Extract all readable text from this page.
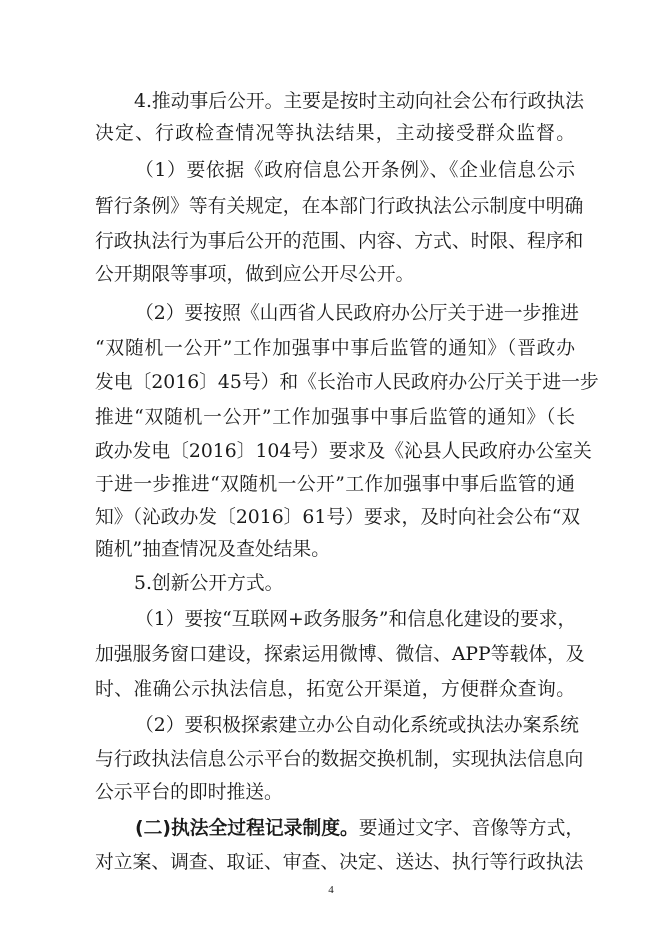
4.推动事后公开。主要是按时主动向社会公布行政执法
决定、行政检查情况等执法结果，主动接受群众监督。
（1）要依据《政府信息公开条例》、《企业信息公示
暂行条例》等有关规定，在本部门行政执法公示制度中明确
行政执法行为事后公开的范围、内容、方式、时限、程序和
公开期限等事项，做到应公开尽公开。
（2）要按照《山西省人民政府办公厅关于进一步推进
“双随机一公开”工作加强事中事后监管的通知》（晋政办
发电〔2016〕45号）和《长治市人民政府办公厅关于进一步
推进“双随机一公开”工作加强事中事后监管的通知》（长
政办发电〔2016〕104号）要求及《沁县人民政府办公室关
于进一步推进“双随机一公开”工作加强事中事后监管的通
知》（沁政办发〔2016〕61号）要求，及时向社会公布“双
随机”抽查情况及查处结果。
5.创新公开方式。
（1）要按“互联网+政务服务”和信息化建设的要求，
加强服务窗口建设，探索运用微博、微信、APP等载体，及
时、准确公示执法信息，拓宽公开渠道，方便群众查询。
（2）要积极探索建立办公自动化系统或执法办案系统
与行政执法信息公示平台的数据交换机制，实现执法信息向
公示平台的即时推送。
(二)执法全过程记录制度。要通过文字、音像等方式，
对立案、调查、取证、审查、决定、送达、执行等行政执法
4
